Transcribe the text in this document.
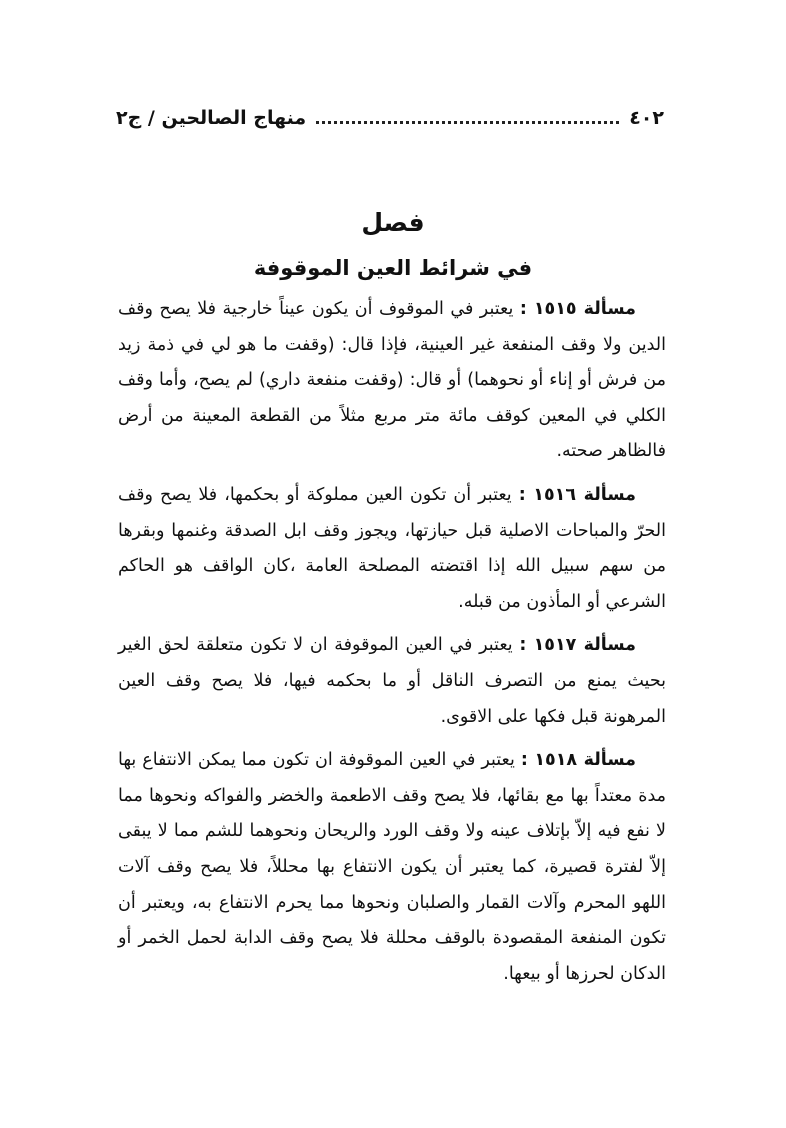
٤٠٢
منهاج الصالحين / ج٢
فصل
في شرائط العين الموقوفة

مسألة ١٥١٥ : يعتبر في الموقوف أن يكون عيناً خارجية فلا يصح وقف الدين ولا وقف المنفعة غير العينية، فإذا قال: (وقفت ما هو لي في ذمة زيد من فرش أو إناء أو نحوهما) أو قال: (وقفت منفعة داري) لم يصح، وأما وقف الكلي في المعين كوقف مائة متر مربع مثلاً من القطعة المعينة من أرض فالظاهر صحته.

مسألة ١٥١٦ : يعتبر أن تكون العين مملوكة أو بحكمها، فلا يصح وقف الحرّ والمباحات الاصلية قبل حيازتها، ويجوز وقف ابل الصدقة وغنمها وبقرها من سهم سبيل الله إذا اقتضته المصلحة العامة ،كان الواقف هو الحاكم الشرعي أو المأذون من قبله.

مسألة ١٥١٧ : يعتبر في العين الموقوفة ان لا تكون متعلقة لحق الغير بحيث يمنع من التصرف الناقل أو ما بحكمه فيها، فلا يصح وقف العين المرهونة قبل فكها على الاقوى.

مسألة ١٥١٨ : يعتبر في العين الموقوفة ان تكون مما يمكن الانتفاع بها مدة معتداً بها مع بقائها، فلا يصح وقف الاطعمة والخضر والفواكه ونحوها مما لا نفع فيه إلاّ بإتلاف عينه ولا وقف الورد والريحان ونحوهما للشم مما لا يبقى إلاّ لفترة قصيرة، كما يعتبر أن يكون الانتفاع بها محللاً، فلا يصح وقف آلات اللهو المحرم وآلات القمار والصلبان ونحوها مما يحرم الانتفاع به، ويعتبر أن تكون المنفعة المقصودة بالوقف محللة فلا يصح وقف الدابة لحمل الخمر أو الدكان لحرزها أو بيعها.
